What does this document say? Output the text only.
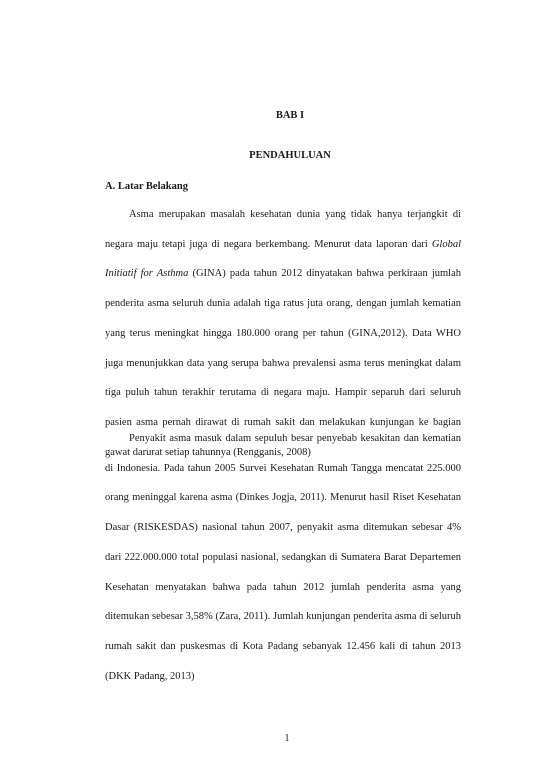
BAB I
PENDAHULUAN
A. Latar Belakang

Asma merupakan masalah kesehatan dunia yang tidak hanya terjangkit di negara maju tetapi juga di negara berkembang. Menurut data laporan dari Global Initiatif for Asthma (GINA) pada tahun 2012 dinyatakan bahwa perkiraan jumlah penderita asma seluruh dunia adalah tiga ratus juta orang, dengan jumlah kematian yang terus meningkat hingga 180.000 orang per tahun (GINA,2012). Data WHO juga menunjukkan data yang serupa bahwa prevalensi asma terus meningkat dalam tiga puluh tahun terakhir terutama di negara maju. Hampir separuh dari seluruh pasien asma pernah dirawat di rumah sakit dan melakukan kunjungan ke bagian gawat darurat setiap tahunnya (Rengganis, 2008)

Penyakit asma masuk dalam sepuluh besar penyebab kesakitan dan kematian di Indonesia. Pada tahun 2005 Survei Kesehatan Rumah Tangga mencatat 225.000 orang meninggal karena asma (Dinkes Jogja, 2011). Menurut hasil Riset Kesehatan Dasar (RISKESDAS) nasional tahun 2007, penyakit asma ditemukan sebesar 4% dari 222.000.000 total populasi nasional, sedangkan di Sumatera Barat Departemen Kesehatan menyatakan bahwa pada tahun 2012 jumlah penderita asma yang ditemukan sebesar 3,58% (Zara, 2011). Jumlah kunjungan penderita asma di seluruh rumah sakit dan puskesmas di Kota Padang sebanyak 12.456 kali di tahun 2013 (DKK Padang, 2013)

1
